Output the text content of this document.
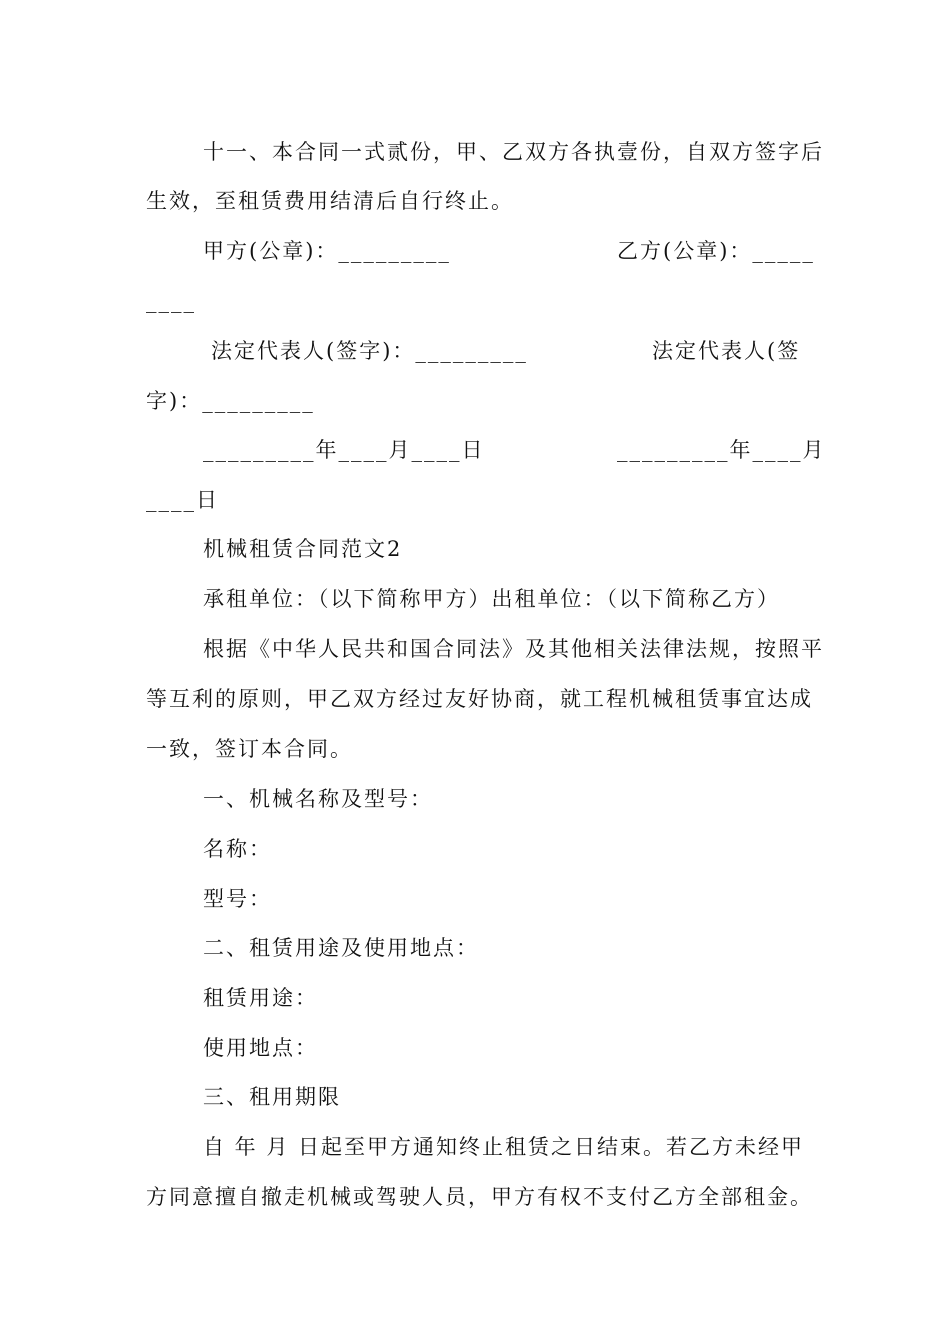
十一、本合同一式贰份，甲、乙双方各执壹份，自双方签字后
生效，至租赁费用结清后自行终止。
甲方(公章)：_________	乙方(公章)：_____
____
法定代表人(签字)：_________	法定代表人(签
字)：_________
_________年____月____日	_________年____月
____日
机械租赁合同范文2
承租单位：（以下简称甲方）出租单位：（以下简称乙方）
根据《中华人民共和国合同法》及其他相关法律法规，按照平
等互利的原则，甲乙双方经过友好协商，就工程机械租赁事宜达成
一致，签订本合同。
一、机械名称及型号：
名称：
型号：
二、租赁用途及使用地点：
租赁用途：
使用地点：
三、租用期限
自 年 月 日起至甲方通知终止租赁之日结束。若乙方未经甲
方同意擅自撤走机械或驾驶人员，甲方有权不支付乙方全部租金。
